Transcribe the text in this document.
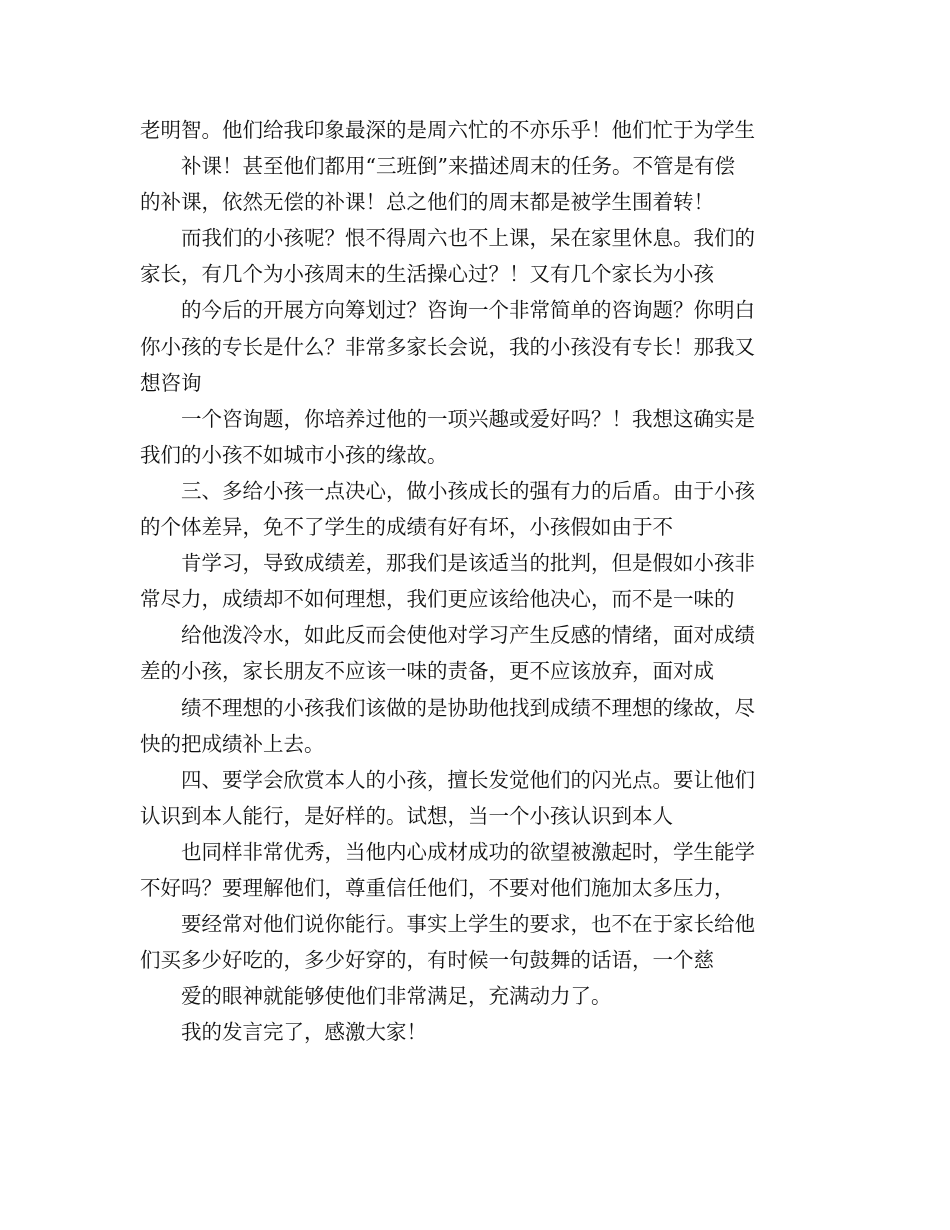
老明智。他们给我印象最深的是周六忙的不亦乐乎！他们忙于为学生
补课！甚至他们都用“三班倒”来描述周末的任务。不管是有偿
的补课，依然无偿的补课！总之他们的周末都是被学生围着转！
而我们的小孩呢？恨不得周六也不上课，呆在家里休息。我们的
家长，有几个为小孩周末的生活操心过？！又有几个家长为小孩
的今后的开展方向筹划过？咨询一个非常简单的咨询题？你明白
你小孩的专长是什么？非常多家长会说，我的小孩没有专长！那我又
想咨询
一个咨询题，你培养过他的一项兴趣或爱好吗？！我想这确实是
我们的小孩不如城市小孩的缘故。
三、多给小孩一点决心，做小孩成长的强有力的后盾。由于小孩
的个体差异，免不了学生的成绩有好有坏，小孩假如由于不
肯学习，导致成绩差，那我们是该适当的批判，但是假如小孩非
常尽力，成绩却不如何理想，我们更应该给他决心，而不是一味的
给他泼冷水，如此反而会使他对学习产生反感的情绪，面对成绩
差的小孩，家长朋友不应该一味的责备，更不应该放弃，面对成
绩不理想的小孩我们该做的是协助他找到成绩不理想的缘故，尽
快的把成绩补上去。
四、要学会欣赏本人的小孩，擅长发觉他们的闪光点。要让他们
认识到本人能行，是好样的。试想，当一个小孩认识到本人
也同样非常优秀，当他内心成材成功的欲望被激起时，学生能学
不好吗？要理解他们，尊重信任他们，不要对他们施加太多压力，
要经常对他们说你能行。事实上学生的要求，也不在于家长给他
们买多少好吃的，多少好穿的，有时候一句鼓舞的话语，一个慈
爱的眼神就能够使他们非常满足，充满动力了。
我的发言完了，感激大家！
